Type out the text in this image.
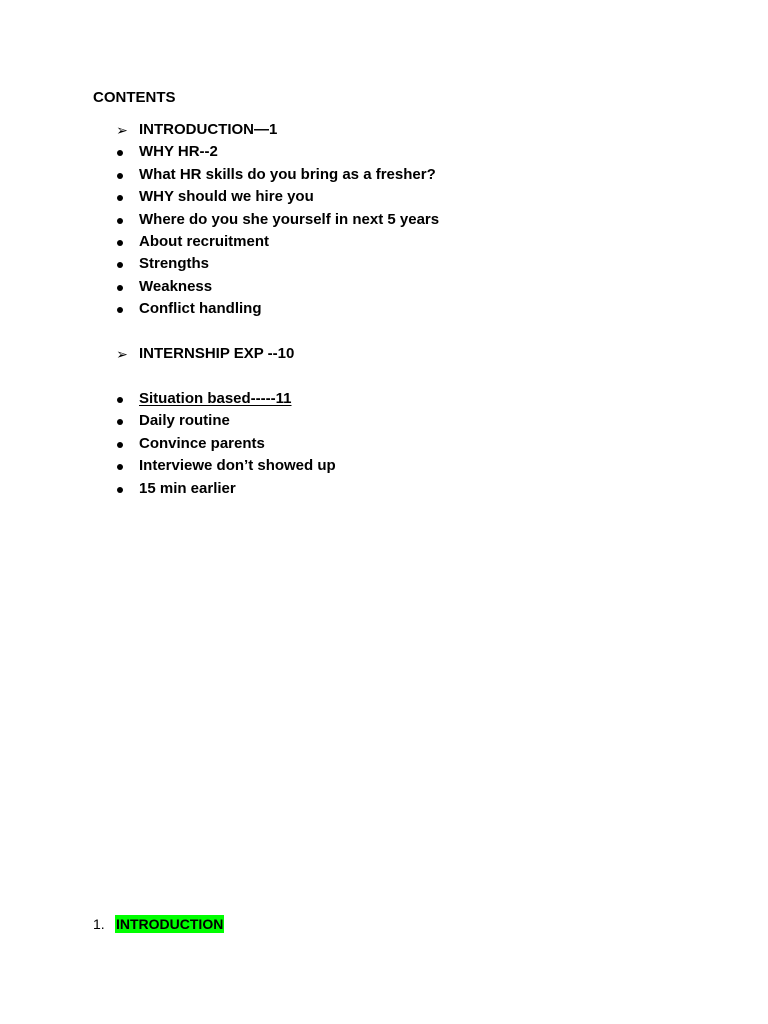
CONTENTS
➢ INTRODUCTION—1
WHY HR--2
What HR skills do you bring as a fresher?
WHY should we hire you
Where do you she yourself in next 5 years
About recruitment
Strengths
Weakness
Conflict handling
➢ INTERNSHIP EXP --10
Situation based-----11
Daily routine
Convince parents
Interviewe don’t showed up
15 min earlier
1. INTRODUCTION
